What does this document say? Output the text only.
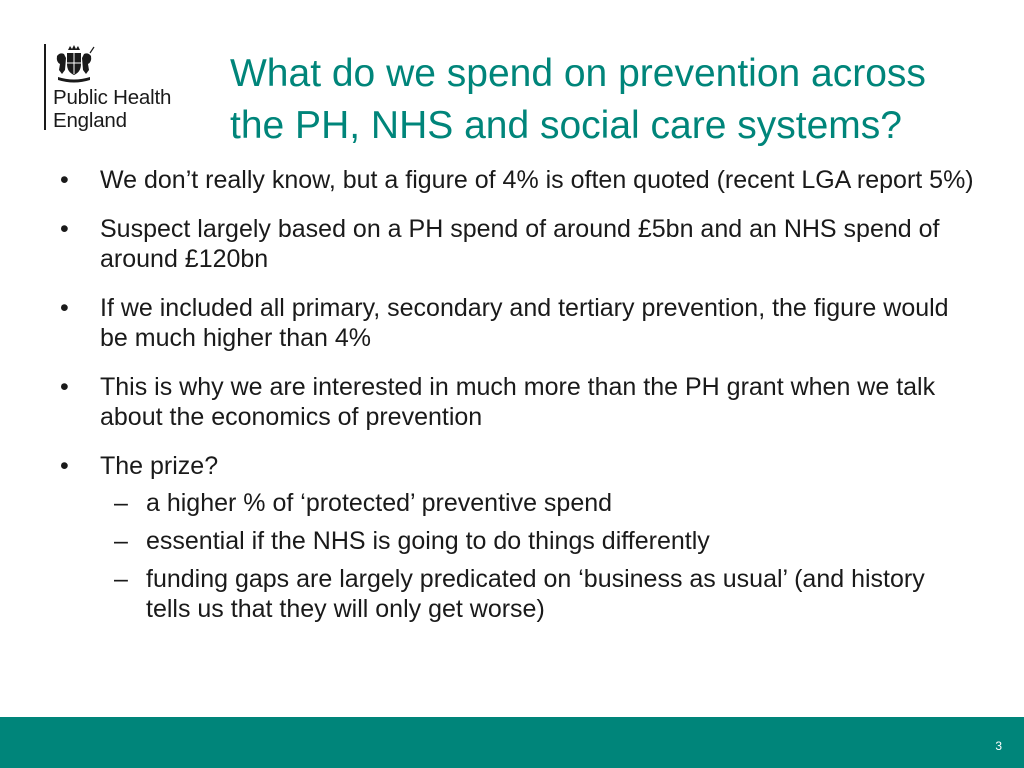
Public Health
England
What do we spend on prevention across
the PH, NHS and social care systems?
• We don’t really know, but a figure of 4% is often quoted (recent LGA report 5%)
• Suspect largely based on a PH spend of around £5bn and an NHS spend of around £120bn
• If we included all primary, secondary and tertiary prevention, the figure would be much higher than 4%
• This is why we are interested in much more than the PH grant when we talk about the economics of prevention
• The prize?
– a higher % of ‘protected’ preventive spend
– essential if the NHS is going to do things differently
– funding gaps are largely predicated on ‘business as usual’ (and history tells us that they will only get worse)
3
